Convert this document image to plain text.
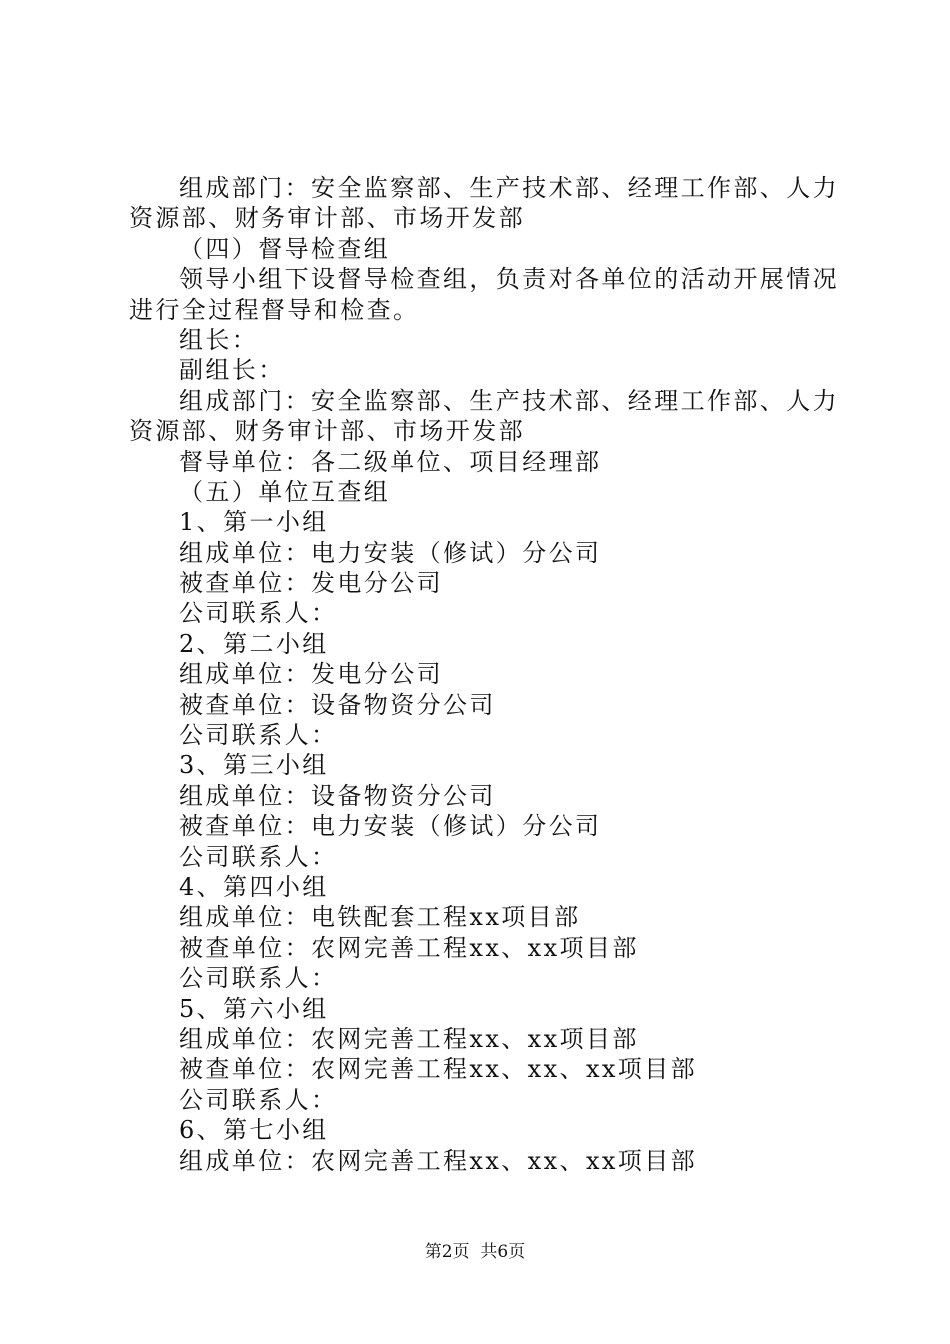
组成部门：安全监察部、生产技术部、经理工作部、人力
资源部、财务审计部、市场开发部
（四）督导检查组
领导小组下设督导检查组，负责对各单位的活动开展情况
进行全过程督导和检查。
组长：
副组长：
组成部门：安全监察部、生产技术部、经理工作部、人力
资源部、财务审计部、市场开发部
督导单位：各二级单位、项目经理部
（五）单位互查组
1、第一小组
组成单位：电力安装（修试）分公司
被查单位：发电分公司
公司联系人：
2、第二小组
组成单位：发电分公司
被查单位：设备物资分公司
公司联系人：
3、第三小组
组成单位：设备物资分公司
被查单位：电力安装（修试）分公司
公司联系人：
4、第四小组
组成单位：电铁配套工程xx项目部
被查单位：农网完善工程xx、xx项目部
公司联系人：
5、第六小组
组成单位：农网完善工程xx、xx项目部
被查单位：农网完善工程xx、xx、xx项目部
公司联系人：
6、第七小组
组成单位：农网完善工程xx、xx、xx项目部
第2页 共6页
